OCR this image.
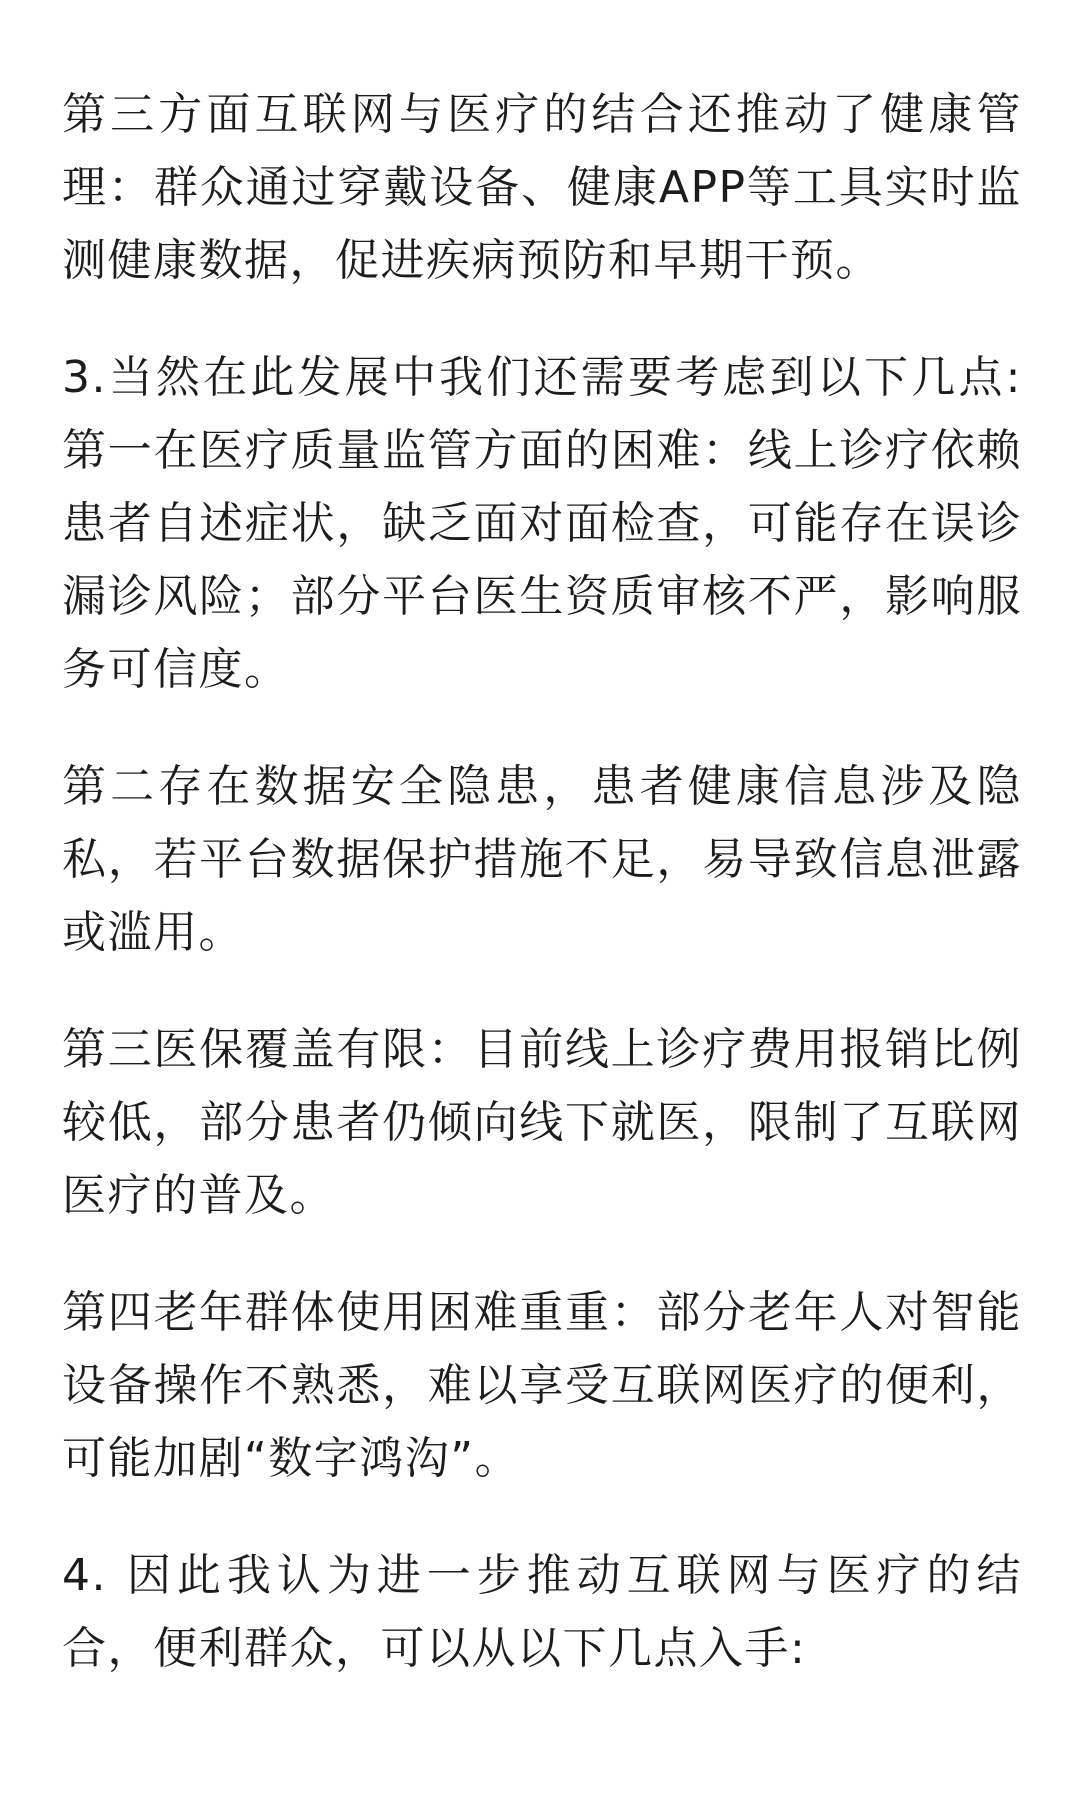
第三方面互联网与医疗的结合还推动了健康管理：群众通过穿戴设备、健康APP等工具实时监测健康数据，促进疾病预防和早期干预。

3.当然在此发展中我们还需要考虑到以下几点:第一在医疗质量监管方面的困难：线上诊疗依赖患者自述症状，缺乏面对面检查，可能存在误诊漏诊风险；部分平台医生资质审核不严，影响服务可信度。

第二存在数据安全隐患，患者健康信息涉及隐私，若平台数据保护措施不足，易导致信息泄露或滥用。

第三医保覆盖有限：目前线上诊疗费用报销比例较低，部分患者仍倾向线下就医，限制了互联网医疗的普及。

第四老年群体使用困难重重：部分老年人对智能设备操作不熟悉，难以享受互联网医疗的便利，可能加剧“数字鸿沟”。

4. 因此我认为进一步推动互联网与医疗的结合，便利群众，可以从以下几点入手:
